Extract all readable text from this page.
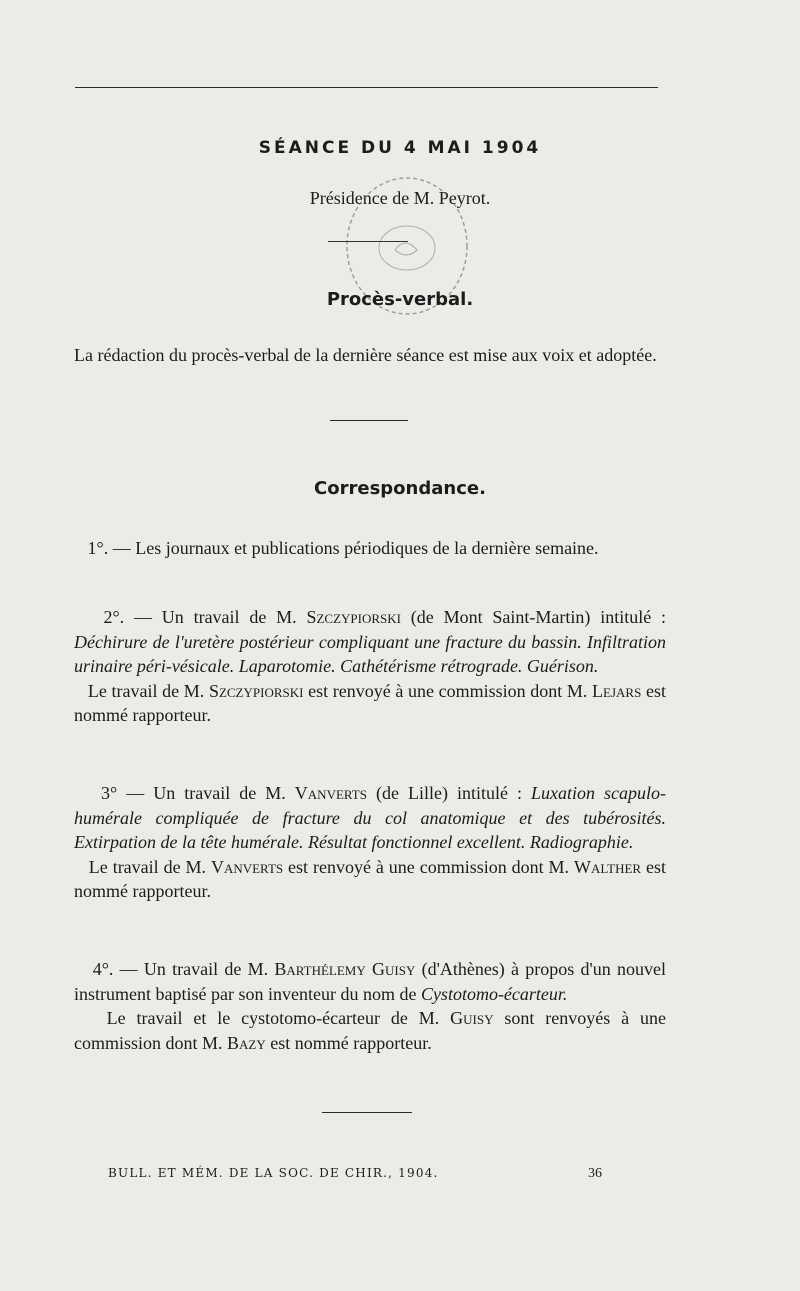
SÉANCE DU 4 MAI 1904
Présidence de M. Peyrot.
Procès-verbal.

La rédaction du procès-verbal de la dernière séance est mise aux voix et adoptée.

Correspondance.

1°. — Les journaux et publications périodiques de la dernière semaine.

2°. — Un travail de M. Szczypiorski (de Mont Saint-Martin) intitulé : Déchirure de l'uretère postérieur compliquant une fracture du bassin. Infiltration urinaire péri-vésicale. Laparotomie. Cathétérisme rétrograde. Guérison.

Le travail de M. Szczypiorski est renvoyé à une commission dont M. Lejars est nommé rapporteur.

3° — Un travail de M. Vanverts (de Lille) intitulé : Luxation scapulo-humérale compliquée de fracture du col anatomique et des tubérosités. Extirpation de la tête humérale. Résultat fonctionnel excellent. Radiographie.

Le travail de M. Vanverts est renvoyé à une commission dont M. Walther est nommé rapporteur.

4°. — Un travail de M. Barthélemy Guisy (d'Athènes) à propos d'un nouvel instrument baptisé par son inventeur du nom de Cystotomo-écarteur.

Le travail et le cystotomo-écarteur de M. Guisy sont renvoyés à une commission dont M. Bazy est nommé rapporteur.

BULL. ET MÉM. DE LA SOC. DE CHIR., 1904.	36
